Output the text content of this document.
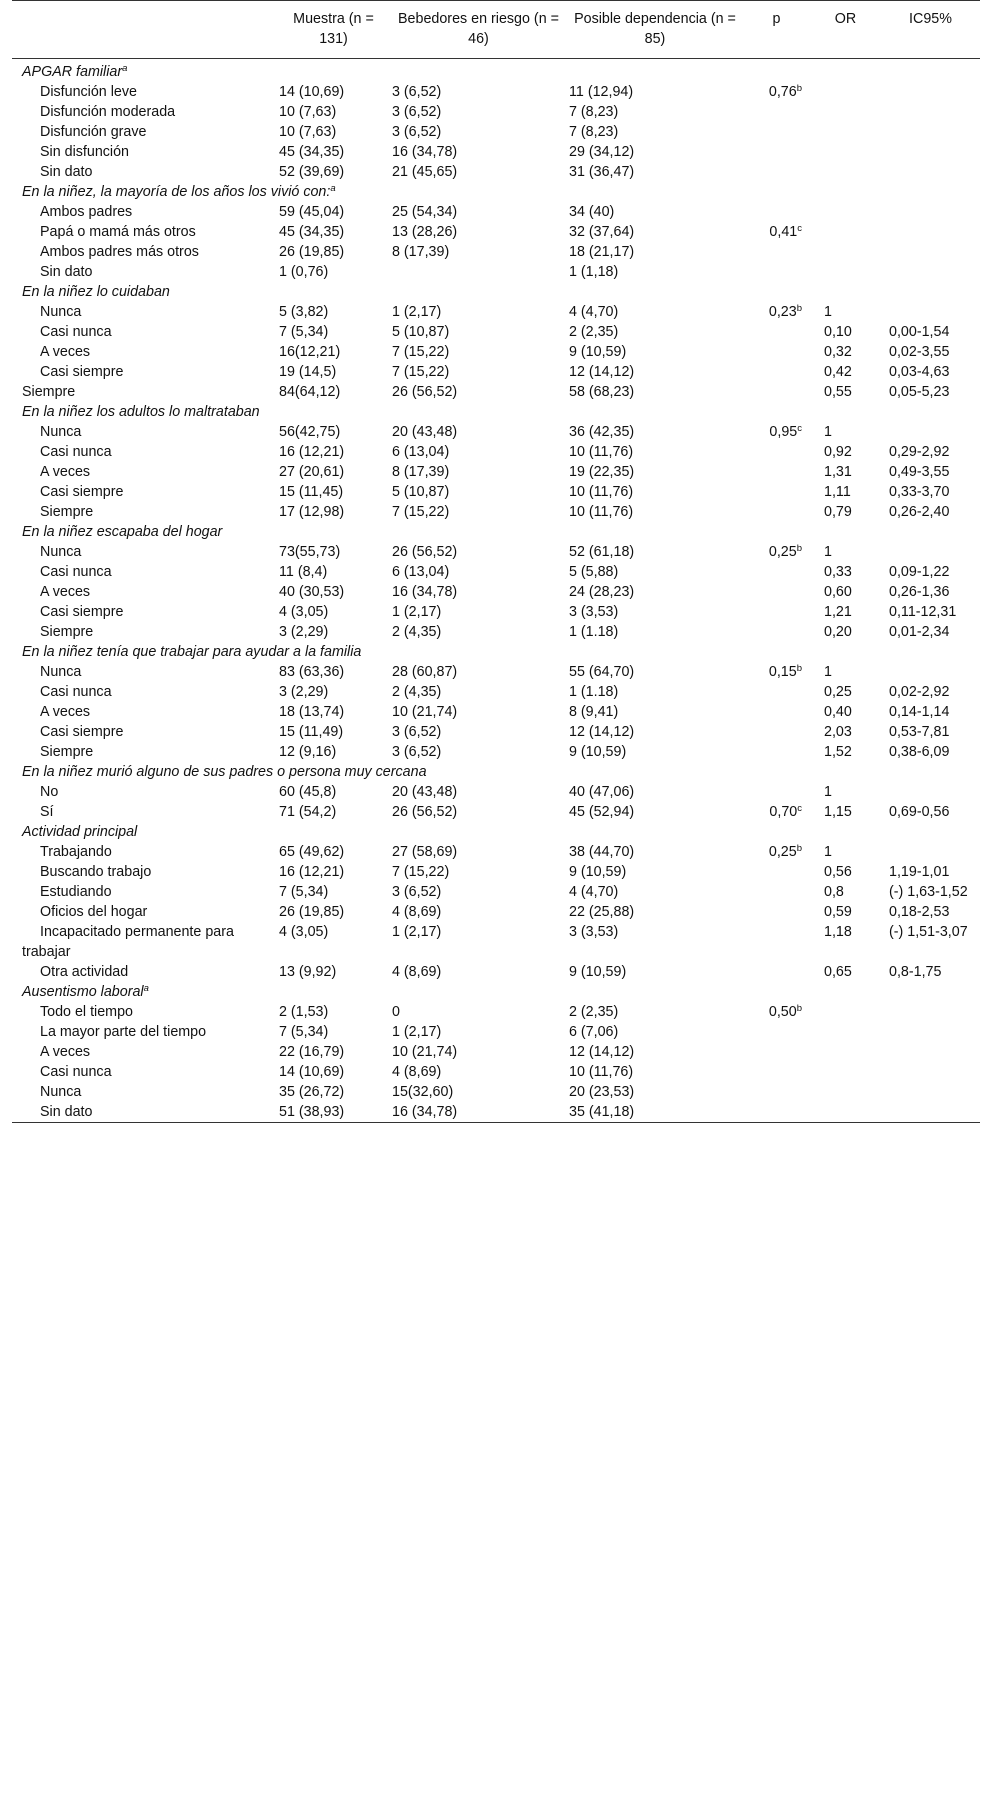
	Muestra (n = 131)	Bebedores en riesgo (n = 46)	Posible dependencia (n = 85)	p	OR	IC95%
APGAR familiar$^a$
Disfunción leve	14 (10,69)	3 (6,52)	11 (12,94)	0,76$^b$		
Disfunción moderada	10 (7,63)	3 (6,52)	7 (8,23)			
Disfunción grave	10 (7,63)	3 (6,52)	7 (8,23)			
Sin disfunción	45 (34,35)	16 (34,78)	29 (34,12)			
Sin dato	52 (39,69)	21 (45,65)	31 (36,47)			
En la niñez, la mayoría de los años los vivió con:$^a$
Ambos padres	59 (45,04)	25 (54,34)	34 (40)			
Papá o mamá más otros	45 (34,35)	13 (28,26)	32 (37,64)	0,41$^c$		
Ambos padres más otros	26 (19,85)	8 (17,39)	18 (21,17)			
Sin dato	1 (0,76)		1 (1,18)			
En la niñez lo cuidaban						
Nunca	5 (3,82)	1 (2,17)	4 (4,70)	0,23$^b$	1	
Casi nunca	7 (5,34)	5 (10,87)	2 (2,35)		0,10	0,00-1,54
A veces	16(12,21)	7 (15,22)	9 (10,59)		0,32	0,02-3,55
Casi siempre	19 (14,5)	7 (15,22)	12 (14,12)		0,42	0,03-4,63
Siempre	84(64,12)	26 (56,52)	58 (68,23)		0,55	0,05-5,23
En la niñez los adultos lo maltrataban						
Nunca	56(42,75)	20 (43,48)	36 (42,35)	0,95$^c$	1	
Casi nunca	16 (12,21)	6 (13,04)	10 (11,76)		0,92	0,29-2,92
A veces	27 (20,61)	8 (17,39)	19 (22,35)		1,31	0,49-3,55
Casi siempre	15 (11,45)	5 (10,87)	10 (11,76)		1,11	0,33-3,70
Siempre	17 (12,98)	7 (15,22)	10 (11,76)		0,79	0,26-2,40
En la niñez escapaba del hogar						
Nunca	73(55,73)	26 (56,52)	52 (61,18)	0,25$^b$	1	
Casi nunca	11 (8,4)	6 (13,04)	5 (5,88)		0,33	0,09-1,22
A veces	40 (30,53)	16 (34,78)	24 (28,23)		0,60	0,26-1,36
Casi siempre	4 (3,05)	1 (2,17)	3 (3,53)		1,21	0,11-12,31
Siempre	3 (2,29)	2 (4,35)	1 (1.18)		0,20	0,01-2,34
En la niñez tenía que trabajar para ayudar a la familia						
Nunca	83 (63,36)	28 (60,87)	55 (64,70)	0,15$^b$	1	
Casi nunca	3 (2,29)	2 (4,35)	1 (1.18)		0,25	0,02-2,92
A veces	18 (13,74)	10 (21,74)	8 (9,41)		0,40	0,14-1,14
Casi siempre	15 (11,49)	3 (6,52)	12 (14,12)		2,03	0,53-7,81
Siempre	12 (9,16)	3 (6,52)	9 (10,59)		1,52	0,38-6,09
En la niñez murió alguno de sus padres o persona muy cercana						
No	60 (45,8)	20 (43,48)	40 (47,06)		1	
Sí	71 (54,2)	26 (56,52)	45 (52,94)	0,70$^c$	1,15	0,69-0,56
Actividad principal						
Trabajando	65 (49,62)	27 (58,69)	38 (44,70)	0,25$^b$	1	
Buscando trabajo	16 (12,21)	7 (15,22)	9 (10,59)		0,56	1,19-1,01
Estudiando	7 (5,34)	3 (6,52)	4 (4,70)		0,8	(-) 1,63-1,52
Oficios del hogar	26 (19,85)	4 (8,69)	22 (25,88)		0,59	0,18-2,53
Incapacitado permanente para trabajar	4 (3,05)	1 (2,17)	3 (3,53)		1,18	(-) 1,51-3,07
Otra actividad	13 (9,92)	4 (8,69)	9 (10,59)		0,65	0,8-1,75
Ausentismo laboral$^a$
Todo el tiempo	2 (1,53)	0	2 (2,35)	0,50$^b$		
La mayor parte del tiempo	7 (5,34)	1 (2,17)	6 (7,06)			
A veces	22 (16,79)	10 (21,74)	12 (14,12)			
Casi nunca	14 (10,69)	4 (8,69)	10 (11,76)			
Nunca	35 (26,72)	15(32,60)	20 (23,53)			
Sin dato	51 (38,93)	16 (34,78)	35 (41,18)			
